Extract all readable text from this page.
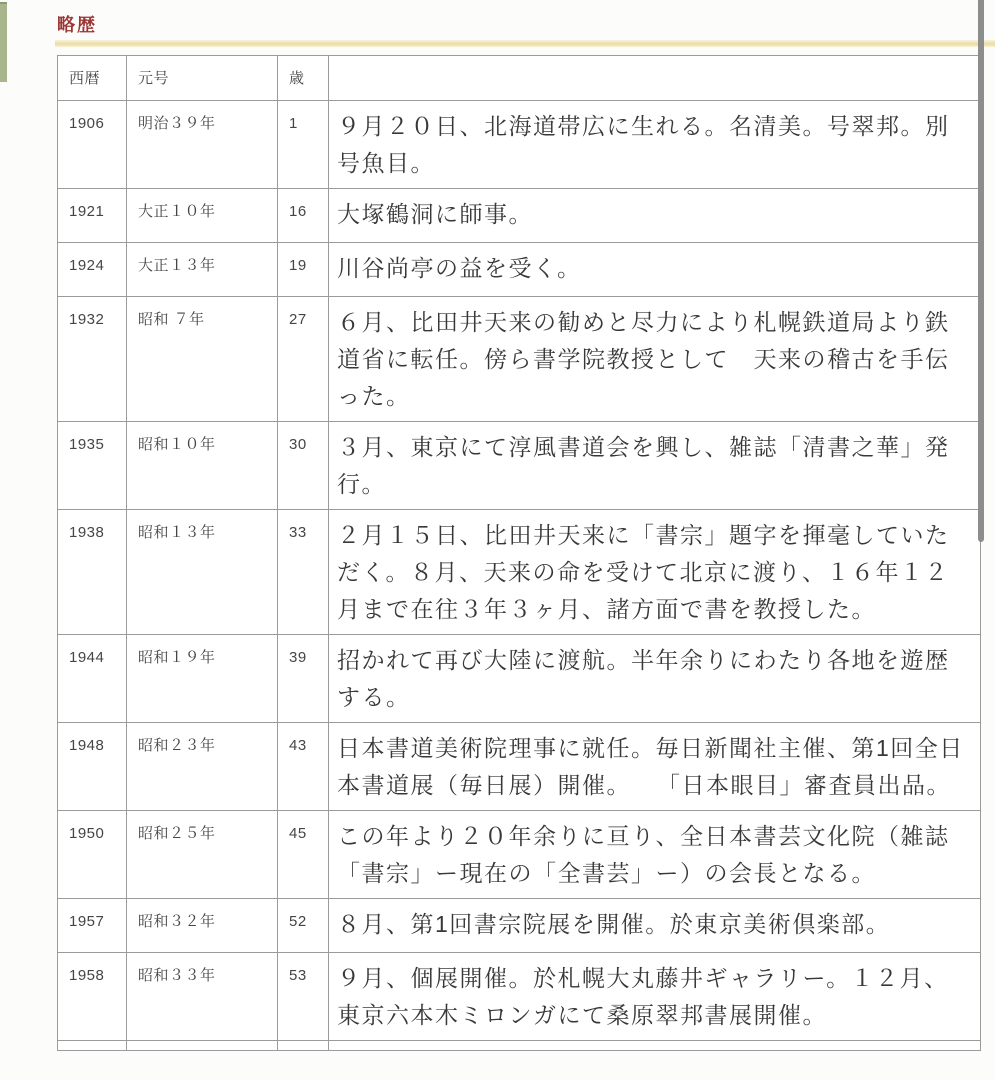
略歴
西暦	元号	歳	
1906	明治３９年	1	９月２０日、北海道帯広に生れる。名清美。号翠邦。別号魚目。
1921	大正１０年	16	大塚鶴洞に師事。
1924	大正１３年	19	川谷尚亭の益を受く。
1932	昭和 ７年	27	６月、比田井天来の勧めと尽力により札幌鉄道局より鉄道省に転任。傍ら書学院教授として　天来の稽古を手伝った。
1935	昭和１０年	30	３月、東京にて淳風書道会を興し、雑誌「清書之華」発行。
1938	昭和１３年	33	２月１５日、比田井天来に「書宗」題字を揮毫していただく。８月、天来の命を受けて北京に渡り、１６年１２月まで在往３年３ヶ月、諸方面で書を教授した。
1944	昭和１９年	39	招かれて再び大陸に渡航。半年余りにわたり各地を遊歴する。
1948	昭和２３年	43	日本書道美術院理事に就任。毎日新聞社主催、第1回全日本書道展（毎日展）開催。　　「日本眼目」審査員出品。
1950	昭和２５年	45	この年より２０年余りに亘り、全日本書芸文化院（雑誌「書宗」ー現在の「全書芸」ー）の会長となる。
1957	昭和３２年	52	８月、第1回書宗院展を開催。於東京美術倶楽部。
1958	昭和３３年	53	９月、個展開催。於札幌大丸藤井ギャラリー。１２月、東京六本木ミロンガにて桑原翠邦書展開催。
